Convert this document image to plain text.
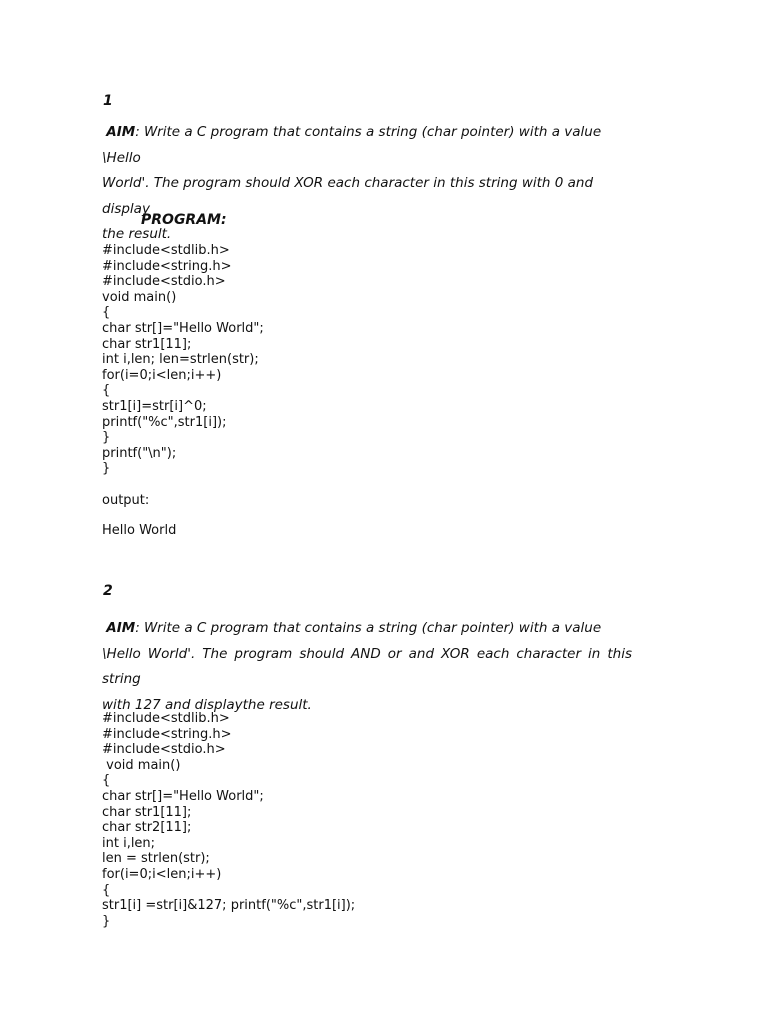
1
AIM: Write a C program that contains a string (char pointer) with a value \Hello
World'. The program should XOR each character in this string with 0 and display
the result.
PROGRAM:
#include<stdlib.h>
#include<string.h>
#include<stdio.h>
void main()
{
char str[]="Hello World";
char str1[11];
int i,len; len=strlen(str);
for(i=0;i<len;i++)
{
str1[i]=str[i]^0;
printf("%c",str1[i]);
}
printf("\n");
}
output:
Hello World
2
AIM: Write a C program that contains a string (char pointer) with a value
\Hello World'. The program should AND or and XOR each character in this string
with 127 and displaythe result.
#include<stdlib.h>
#include<string.h>
#include<stdio.h>
void main()
{
char str[]="Hello World";
char str1[11];
char str2[11];
int i,len;
len = strlen(str);
for(i=0;i<len;i++)
{
str1[i] =str[i]&127; printf("%c",str1[i]);
}
